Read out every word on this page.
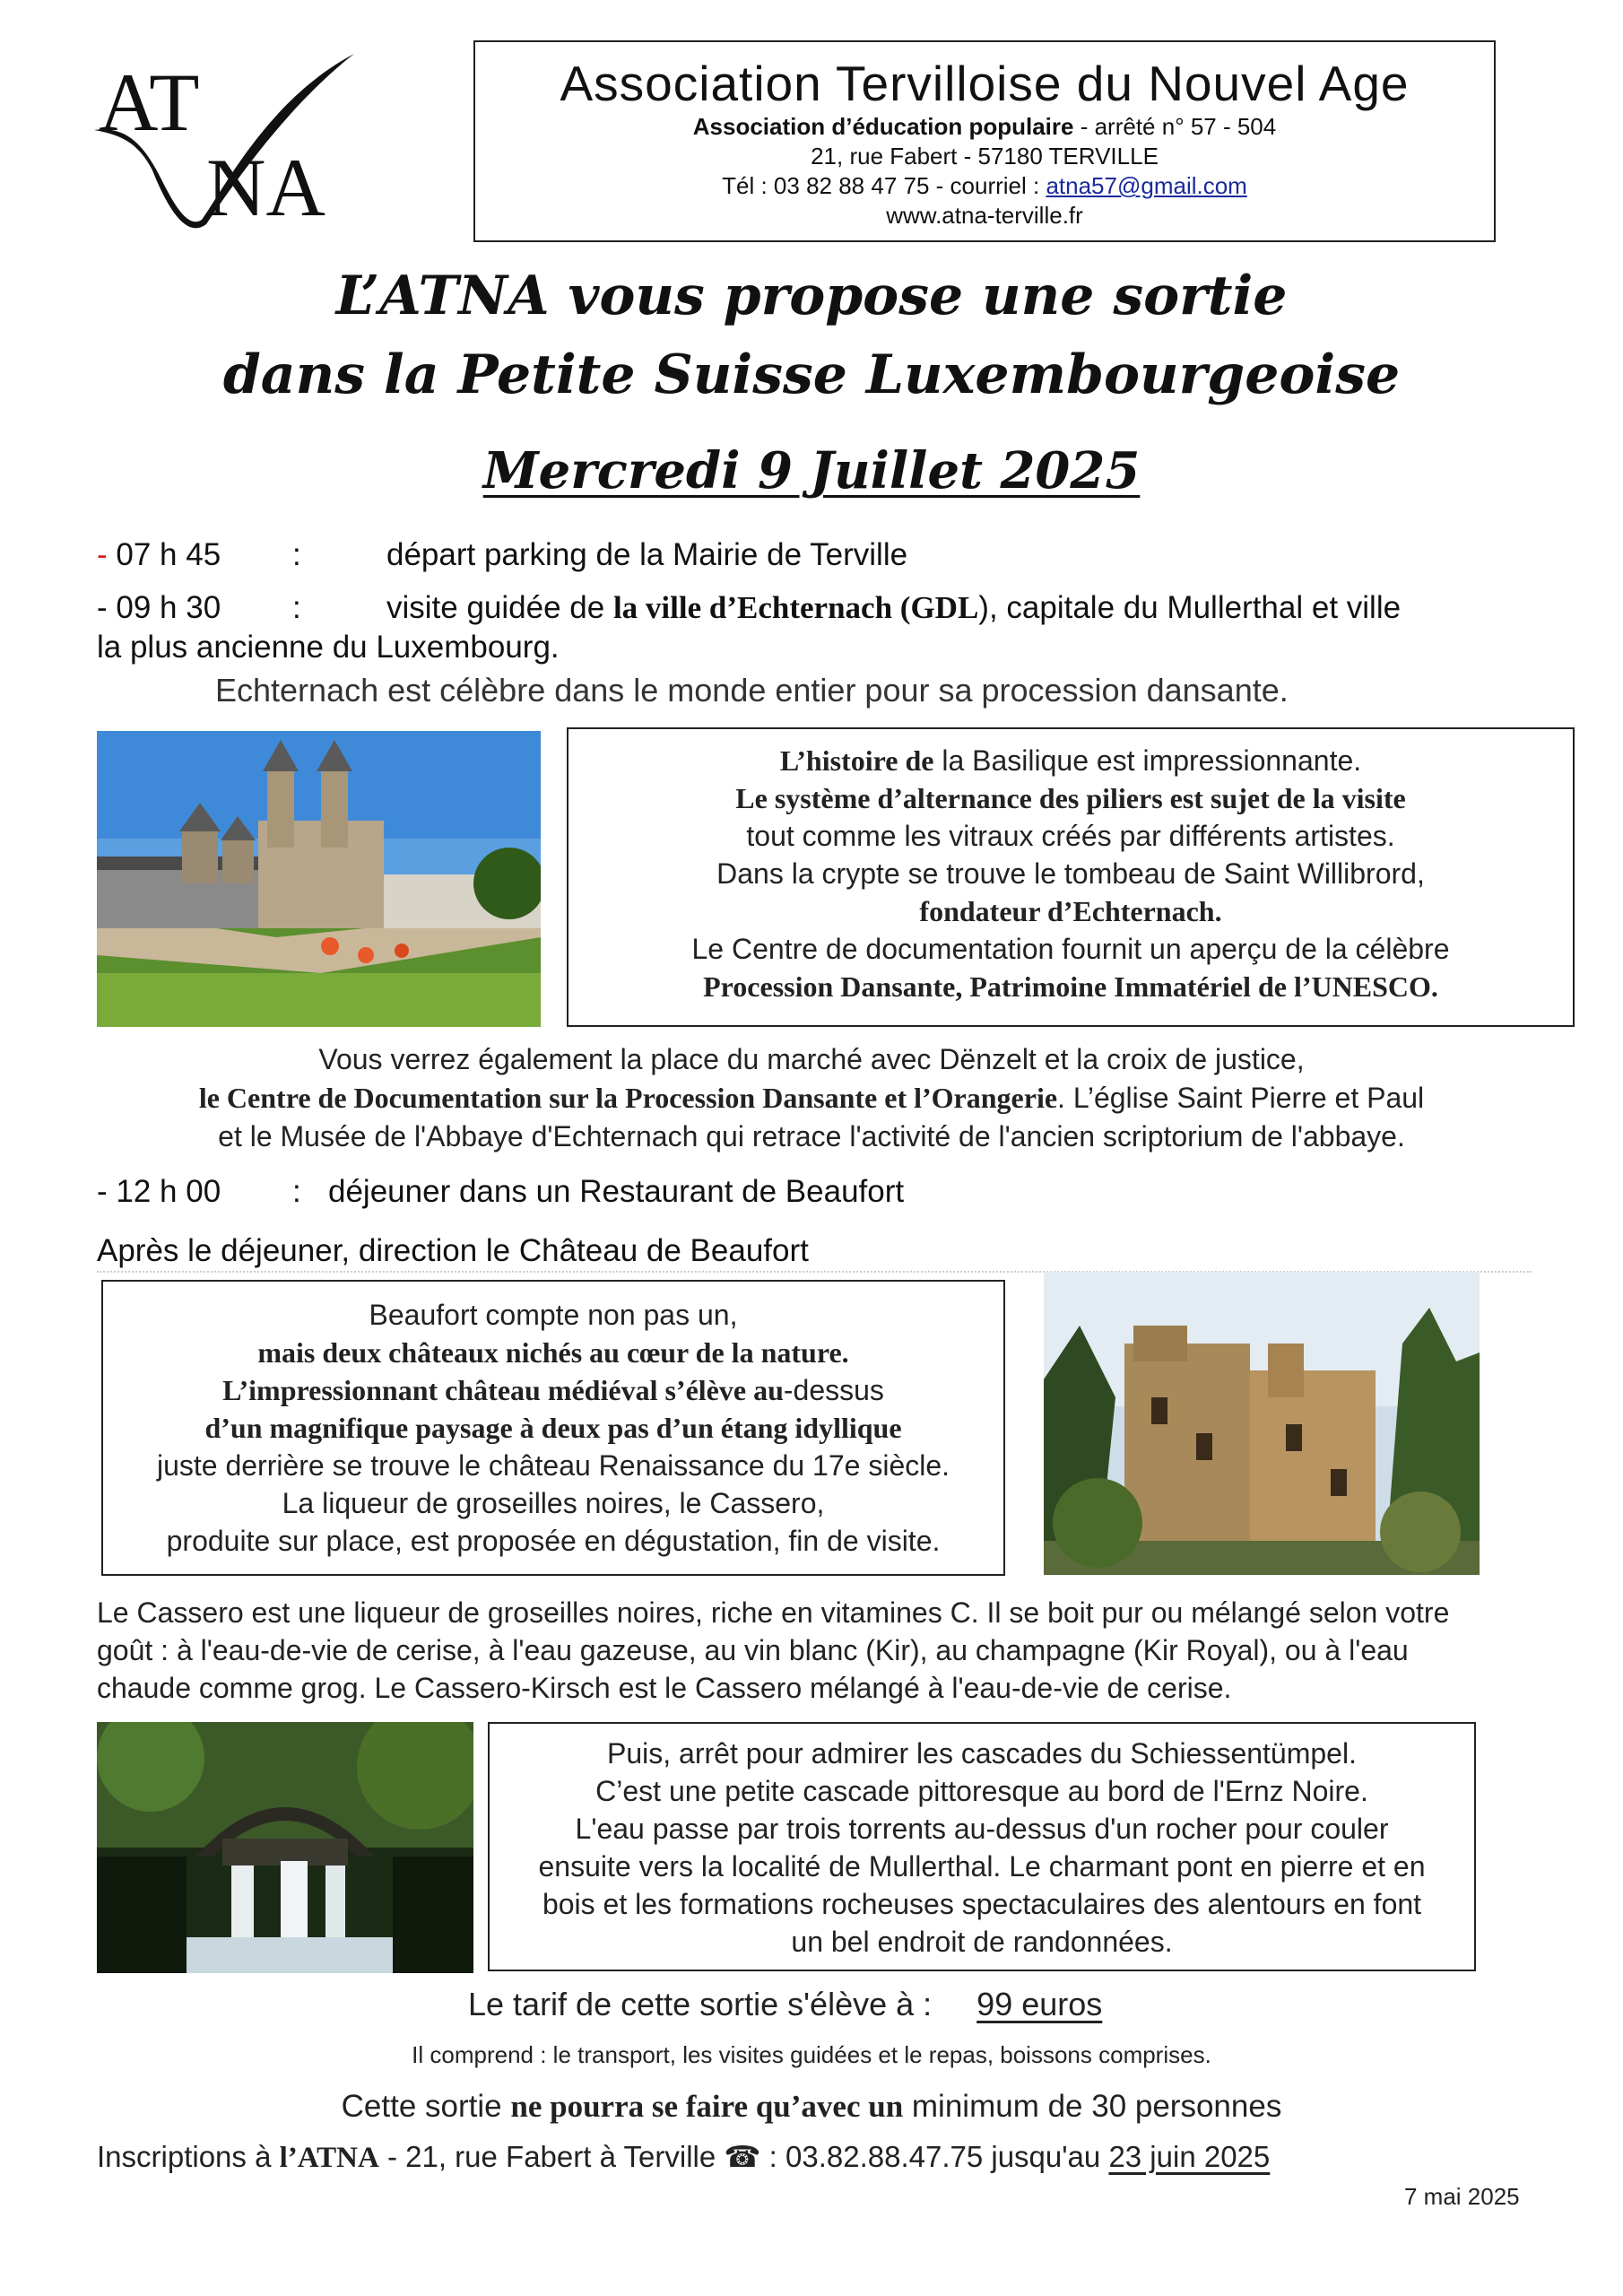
AT
NA
Association Tervilloise du Nouvel Age
Association d’éducation populaire - arrêté n° 57 - 504
21, rue Fabert - 57180 TERVILLE
Tél : 03 82 88 47 75 - courriel : atna57@gmail.com
www.atna-terville.fr
L’ATNA vous propose une sortie
dans la Petite Suisse Luxembourgeoise
Mercredi 9 Juillet 2025
- 07 h 45 :	départ parking de la Mairie de Terville
- 09 h 30 :	visite guidée de la ville d’Echternach (GDL), capitale du Mullerthal et ville
la plus ancienne du Luxembourg.
Echternach est célèbre dans le monde entier pour sa procession dansante.
L’histoire de la Basilique est impressionnante.
Le système d’alternance des piliers est sujet de la visite
tout comme les vitraux créés par différents artistes.
Dans la crypte se trouve le tombeau de Saint Willibrord,
fondateur d’Echternach.
Le Centre de documentation fournit un aperçu de la célèbre
Procession Dansante, Patrimoine Immatériel de l’UNESCO.
Vous verrez également la place du marché avec Dënzelt et la croix de justice,
le Centre de Documentation sur la Procession Dansante et l’Orangerie. L’église Saint Pierre et Paul
et le Musée de l'Abbaye d'Echternach qui retrace l'activité de l'ancien scriptorium de l'abbaye.
- 12 h 00 : déjeuner dans un Restaurant de Beaufort
Après le déjeuner, direction le Château de Beaufort
Beaufort compte non pas un,
mais deux châteaux nichés au cœur de la nature.
L’impressionnant château médiéval s’élève au-dessus
d’un magnifique paysage à deux pas d’un étang idyllique
juste derrière se trouve le château Renaissance du 17e siècle.
La liqueur de groseilles noires, le Cassero,
produite sur place, est proposée en dégustation, fin de visite.
Le Cassero est une liqueur de groseilles noires, riche en vitamines C. Il se boit pur ou mélangé selon votre
goût : à l'eau-de-vie de cerise, à l'eau gazeuse, au vin blanc (Kir), au champagne (Kir Royal), ou à l'eau
chaude comme grog. Le Cassero-Kirsch est le Cassero mélangé à l'eau-de-vie de cerise.
Puis, arrêt pour admirer les cascades du Schiessentümpel.
C’est une petite cascade pittoresque au bord de l'Ernz Noire.
L'eau passe par trois torrents au-dessus d'un rocher pour couler
ensuite vers la localité de Mullerthal. Le charmant pont en pierre et en
bois et les formations rocheuses spectaculaires des alentours en font
un bel endroit de randonnées.
Le tarif de cette sortie s'élève à : 99 euros
Il comprend : le transport, les visites guidées et le repas, boissons comprises.
Cette sortie ne pourra se faire qu’avec un minimum de 30 personnes
Inscriptions à l’ATNA - 21, rue Fabert à Terville ☎ : 03.82.88.47.75 jusqu'au 23 juin 2025
7 mai 2025
